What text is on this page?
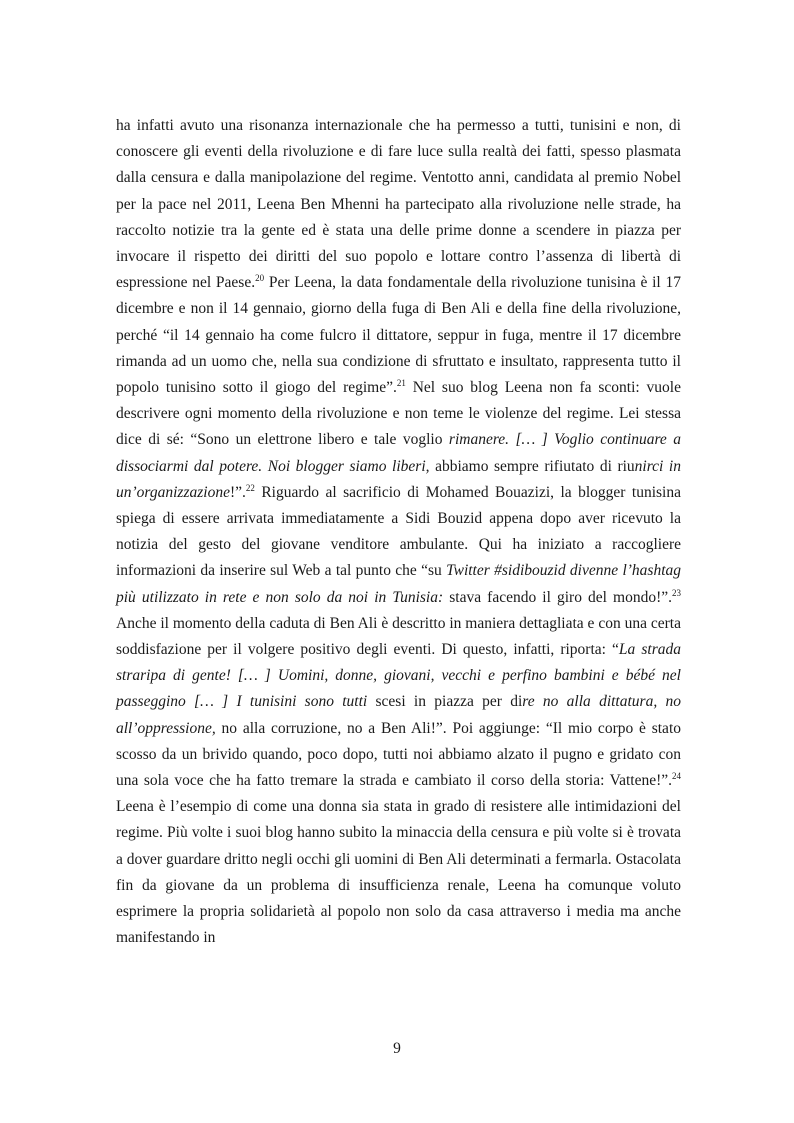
ha infatti avuto una risonanza internazionale che ha permesso a tutti, tunisini e non, di conoscere gli eventi della rivoluzione e di fare luce sulla realtà dei fatti, spesso plasmata dalla censura e dalla manipolazione del regime. Ventotto anni, candidata al premio Nobel per la pace nel 2011, Leena Ben Mhenni ha partecipato alla rivoluzione nelle strade, ha raccolto notizie tra la gente ed è stata una delle prime donne a scendere in piazza per invocare il rispetto dei diritti del suo popolo e lottare contro l’assenza di libertà di espressione nel Paese.$^{20}$ Per Leena, la data fondamentale della rivoluzione tunisina è il 17 dicembre e non il 14 gennaio, giorno della fuga di Ben Ali e della fine della rivoluzione, perché “il 14 gennaio ha come fulcro il dittatore, seppur in fuga, mentre il 17 dicembre rimanda ad un uomo che, nella sua condizione di sfruttato e insultato, rappresenta tutto il popolo tunisino sotto il giogo del regime”.$^{21}$ Nel suo blog Leena non fa sconti: vuole descrivere ogni momento della rivoluzione e non teme le violenze del regime. Lei stessa dice di sé: “Sono un elettrone libero e tale voglio rimanere. [… ] Voglio continuare a dissociarmi dal potere. Noi blogger siamo liberi, abbiamo sempre rifiutato di riunirci in un’organizzazione!”.$^{22}$ Riguardo al sacrificio di Mohamed Bouazizi, la blogger tunisina spiega di essere arrivata immediatamente a Sidi Bouzid appena dopo aver ricevuto la notizia del gesto del giovane venditore ambulante. Qui ha iniziato a raccogliere informazioni da inserire sul Web a tal punto che “su Twitter #sidibouzid divenne l’hashtag più utilizzato in rete e non solo da noi in Tunisia: stava facendo il giro del mondo!”.$^{23}$ Anche il momento della caduta di Ben Ali è descritto in maniera dettagliata e con una certa soddisfazione per il volgere positivo degli eventi. Di questo, infatti, riporta: “La strada straripa di gente! [… ] Uomini, donne, giovani, vecchi e perfino bambini e bébé nel passeggino [… ] I tunisini sono tutti scesi in piazza per dire no alla dittatura, no all’oppressione, no alla corruzione, no a Ben Ali!”. Poi aggiunge: “Il mio corpo è stato scosso da un brivido quando, poco dopo, tutti noi abbiamo alzato il pugno e gridato con una sola voce che ha fatto tremare la strada e cambiato il corso della storia: Vattene!”.$^{24}$ Leena è l’esempio di come una donna sia stata in grado di resistere alle intimidazioni del regime. Più volte i suoi blog hanno subito la minaccia della censura e più volte si è trovata a dover guardare dritto negli occhi gli uomini di Ben Ali determinati a fermarla. Ostacolata fin da giovane da un problema di insufficienza renale, Leena ha comunque voluto esprimere la propria solidarietà al popolo non solo da casa attraverso i media ma anche manifestando in

9
